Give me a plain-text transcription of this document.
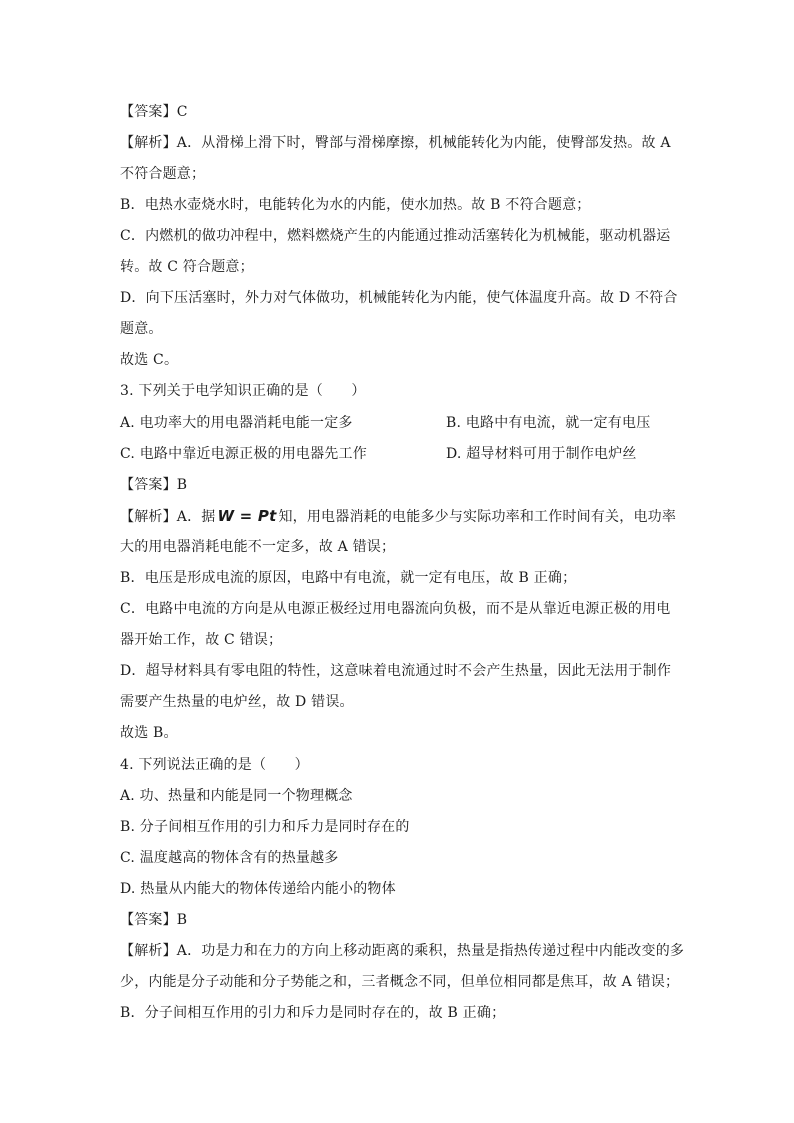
【答案】C
【解析】A．从滑梯上滑下时，臀部与滑梯摩擦，机械能转化为内能，使臀部发热。故 A
不符合题意；
B．电热水壶烧水时，电能转化为水的内能，使水加热。故 B 不符合题意；
C．内燃机的做功冲程中，燃料燃烧产生的内能通过推动活塞转化为机械能，驱动机器运
转。故 C 符合题意；
D．向下压活塞时，外力对气体做功，机械能转化为内能，使气体温度升高。故 D 不符合
题意。
故选 C。
3. 下列关于电学知识正确的是（　　）
A. 电功率大的用电器消耗电能一定多	B. 电路中有电流，就一定有电压
C. 电路中靠近电源正极的用电器先工作	D. 超导材料可用于制作电炉丝
【答案】B
【解析】A．据 W = Pt 知，用电器消耗的电能多少与实际功率和工作时间有关，电功率
大的用电器消耗电能不一定多，故 A 错误；
B．电压是形成电流的原因，电路中有电流，就一定有电压，故 B 正确；
C．电路中电流的方向是从电源正极经过用电器流向负极，而不是从靠近电源正极的用电
器开始工作，故 C 错误；
D．超导材料具有零电阻的特性，这意味着电流通过时不会产生热量，因此无法用于制作
需要产生热量的电炉丝，故 D 错误。
故选 B。
4. 下列说法正确的是（　　）
A. 功、热量和内能是同一个物理概念
B. 分子间相互作用的引力和斥力是同时存在的
C. 温度越高的物体含有的热量越多
D. 热量从内能大的物体传递给内能小的物体
【答案】B
【解析】A．功是力和在力的方向上移动距离的乘积，热量是指热传递过程中内能改变的多
少，内能是分子动能和分子势能之和，三者概念不同，但单位相同都是焦耳，故 A 错误；
B．分子间相互作用的引力和斥力是同时存在的，故 B 正确；
